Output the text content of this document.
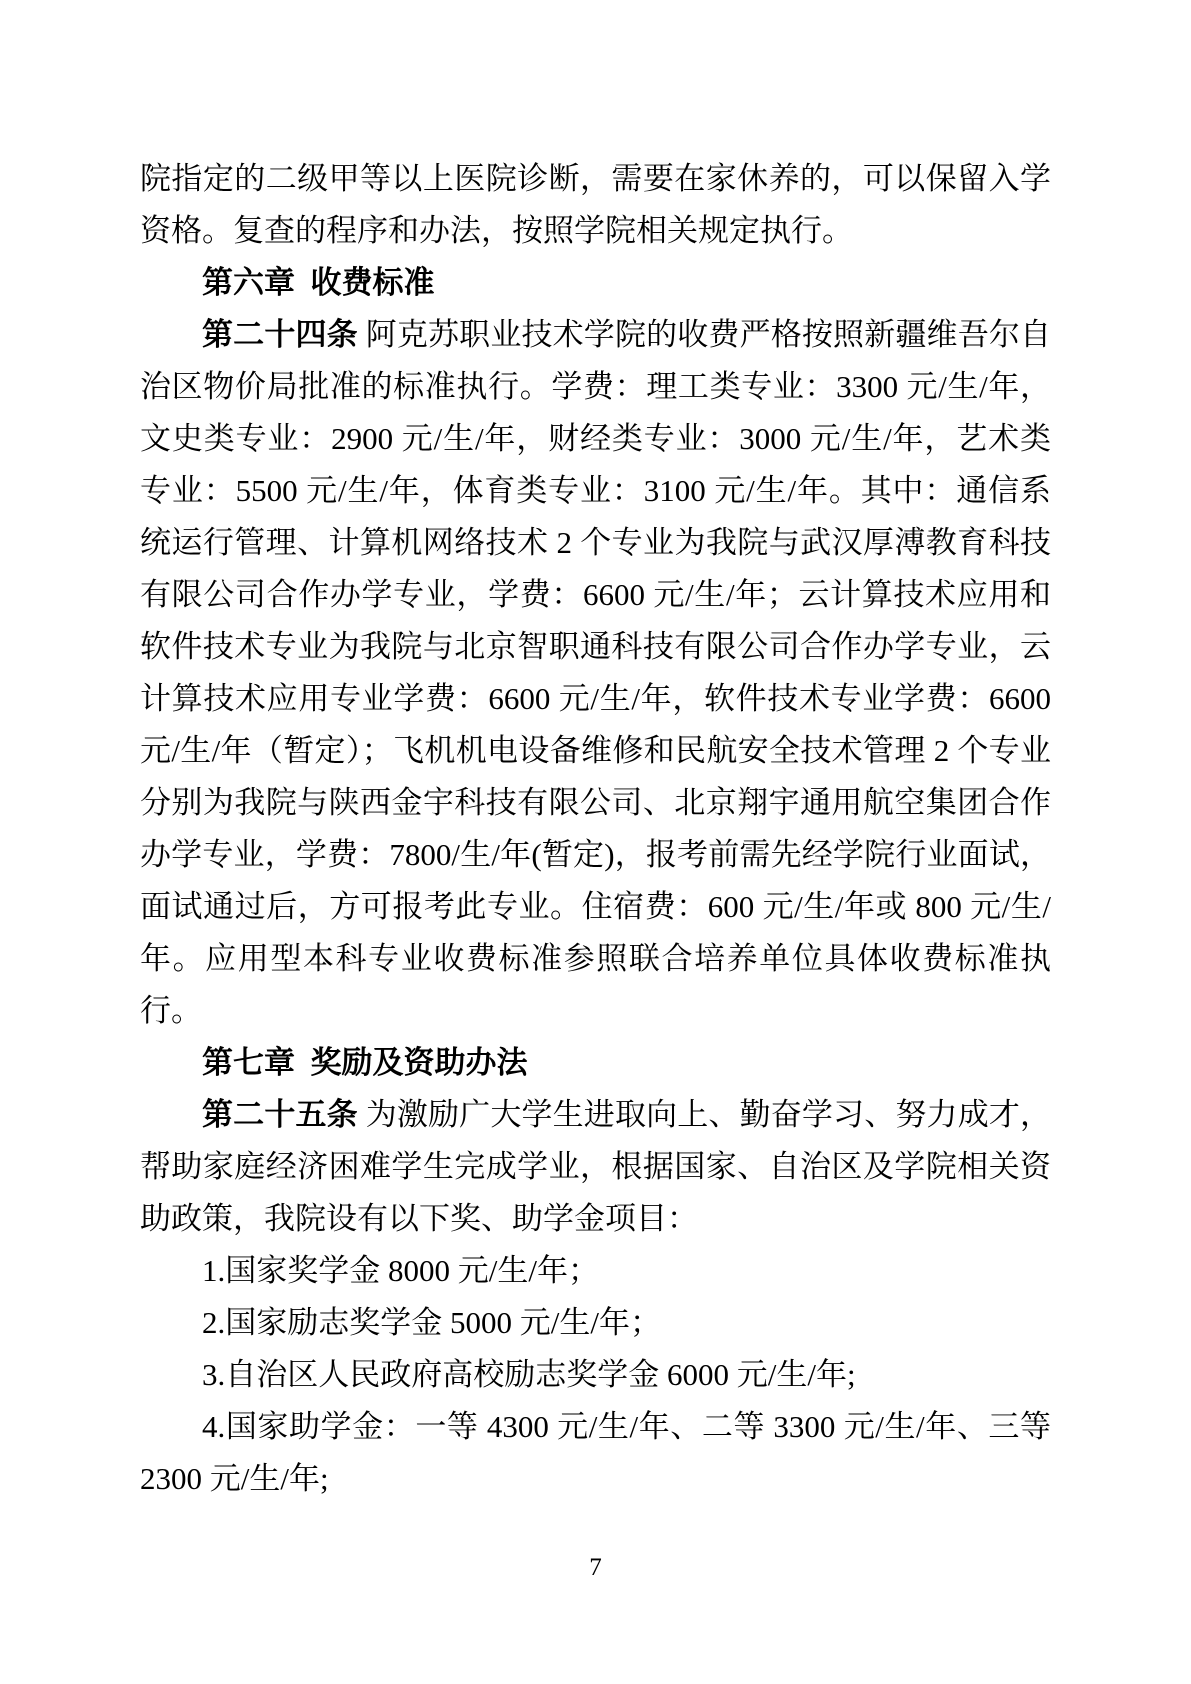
院指定的二级甲等以上医院诊断，需要在家休养的，可以保留入学资格。复查的程序和办法，按照学院相关规定执行。

第六章  收费标准

第二十四条 阿克苏职业技术学院的收费严格按照新疆维吾尔自治区物价局批准的标准执行。学费：理工类专业：3300 元/生/年，文史类专业：2900 元/生/年，财经类专业：3000 元/生/年，艺术类专业：5500 元/生/年，体育类专业：3100 元/生/年。其中：通信系统运行管理、计算机网络技术 2 个专业为我院与武汉厚溥教育科技有限公司合作办学专业，学费：6600 元/生/年；云计算技术应用和软件技术专业为我院与北京智职通科技有限公司合作办学专业，云计算技术应用专业学费：6600 元/生/年，软件技术专业学费：6600 元/生/年（暂定）；飞机机电设备维修和民航安全技术管理 2 个专业分别为我院与陕西金宇科技有限公司、北京翔宇通用航空集团合作办学专业，学费：7800/生/年(暂定)，报考前需先经学院行业面试，面试通过后，方可报考此专业。住宿费：600 元/生/年或 800 元/生/年。应用型本科专业收费标准参照联合培养单位具体收费标准执行。

第七章  奖励及资助办法

第二十五条 为激励广大学生进取向上、勤奋学习、努力成才，帮助家庭经济困难学生完成学业，根据国家、自治区及学院相关资助政策，我院设有以下奖、助学金项目：

1.国家奖学金 8000 元/生/年；

2.国家励志奖学金 5000 元/生/年；

3.自治区人民政府高校励志奖学金 6000 元/生/年;

4.国家助学金：一等 4300 元/生/年、二等 3300 元/生/年、三等 2300 元/生/年;

7
